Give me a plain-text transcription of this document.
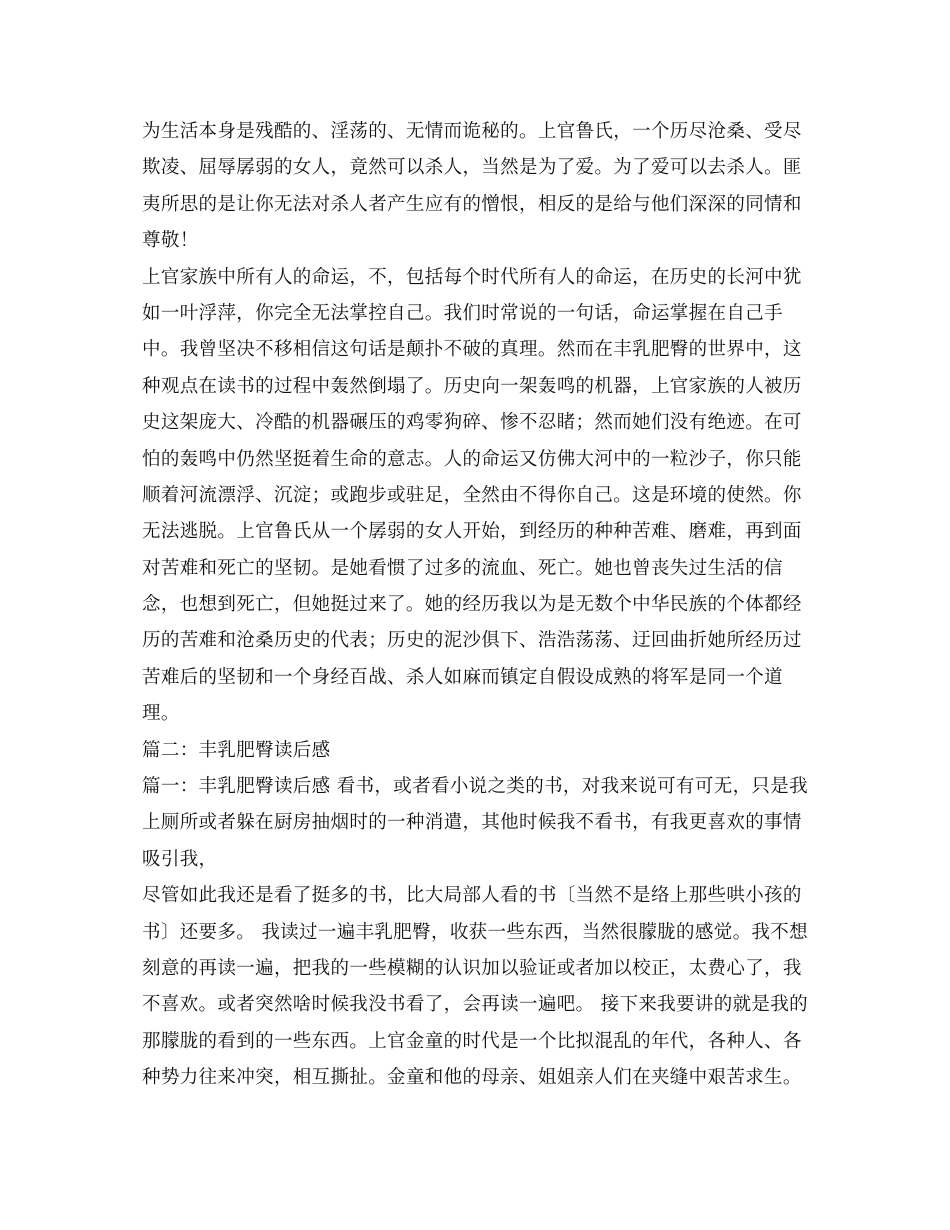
为生活本身是残酷的、淫荡的、无情而诡秘的。上官鲁氏，一个历尽沧桑、受尽
欺凌、屈辱孱弱的女人，竟然可以杀人，当然是为了爱。为了爱可以去杀人。匪
夷所思的是让你无法对杀人者产生应有的憎恨，相反的是给与他们深深的同情和
尊敬！
上官家族中所有人的命运，不，包括每个时代所有人的命运，在历史的长河中犹
如一叶浮萍，你完全无法掌控自己。我们时常说的一句话，命运掌握在自己手
中。我曾坚决不移相信这句话是颠扑不破的真理。然而在丰乳肥臀的世界中，这
种观点在读书的过程中轰然倒塌了。历史向一架轰鸣的机器，上官家族的人被历
史这架庞大、冷酷的机器碾压的鸡零狗碎、惨不忍睹；然而她们没有绝迹。在可
怕的轰鸣中仍然坚挺着生命的意志。人的命运又仿佛大河中的一粒沙子，你只能
顺着河流漂浮、沉淀；或跑步或驻足，全然由不得你自己。这是环境的使然。你
无法逃脱。上官鲁氏从一个孱弱的女人开始，到经历的种种苦难、磨难，再到面
对苦难和死亡的坚韧。是她看惯了过多的流血、死亡。她也曾丧失过生活的信
念，也想到死亡，但她挺过来了。她的经历我以为是无数个中华民族的个体都经
历的苦难和沧桑历史的代表；历史的泥沙俱下、浩浩荡荡、迂回曲折她所经历过
苦难后的坚韧和一个身经百战、杀人如麻而镇定自假设成熟的将军是同一个道
理。
篇二：丰乳肥臀读后感
篇一：丰乳肥臀读后感 看书，或者看小说之类的书，对我来说可有可无，只是我
上厕所或者躲在厨房抽烟时的一种消遣，其他时候我不看书，有我更喜欢的事情
吸引我，
尽管如此我还是看了挺多的书，比大局部人看的书〔当然不是络上那些哄小孩的
书〕还要多。 我读过一遍丰乳肥臀，收获一些东西，当然很朦胧的感觉。我不想
刻意的再读一遍，把我的一些模糊的认识加以验证或者加以校正，太费心了，我
不喜欢。或者突然啥时候我没书看了，会再读一遍吧。 接下来我要讲的就是我的
那朦胧的看到的一些东西。上官金童的时代是一个比拟混乱的年代，各种人、各
种势力往来冲突，相互撕扯。金童和他的母亲、姐姐亲人们在夹缝中艰苦求生。
